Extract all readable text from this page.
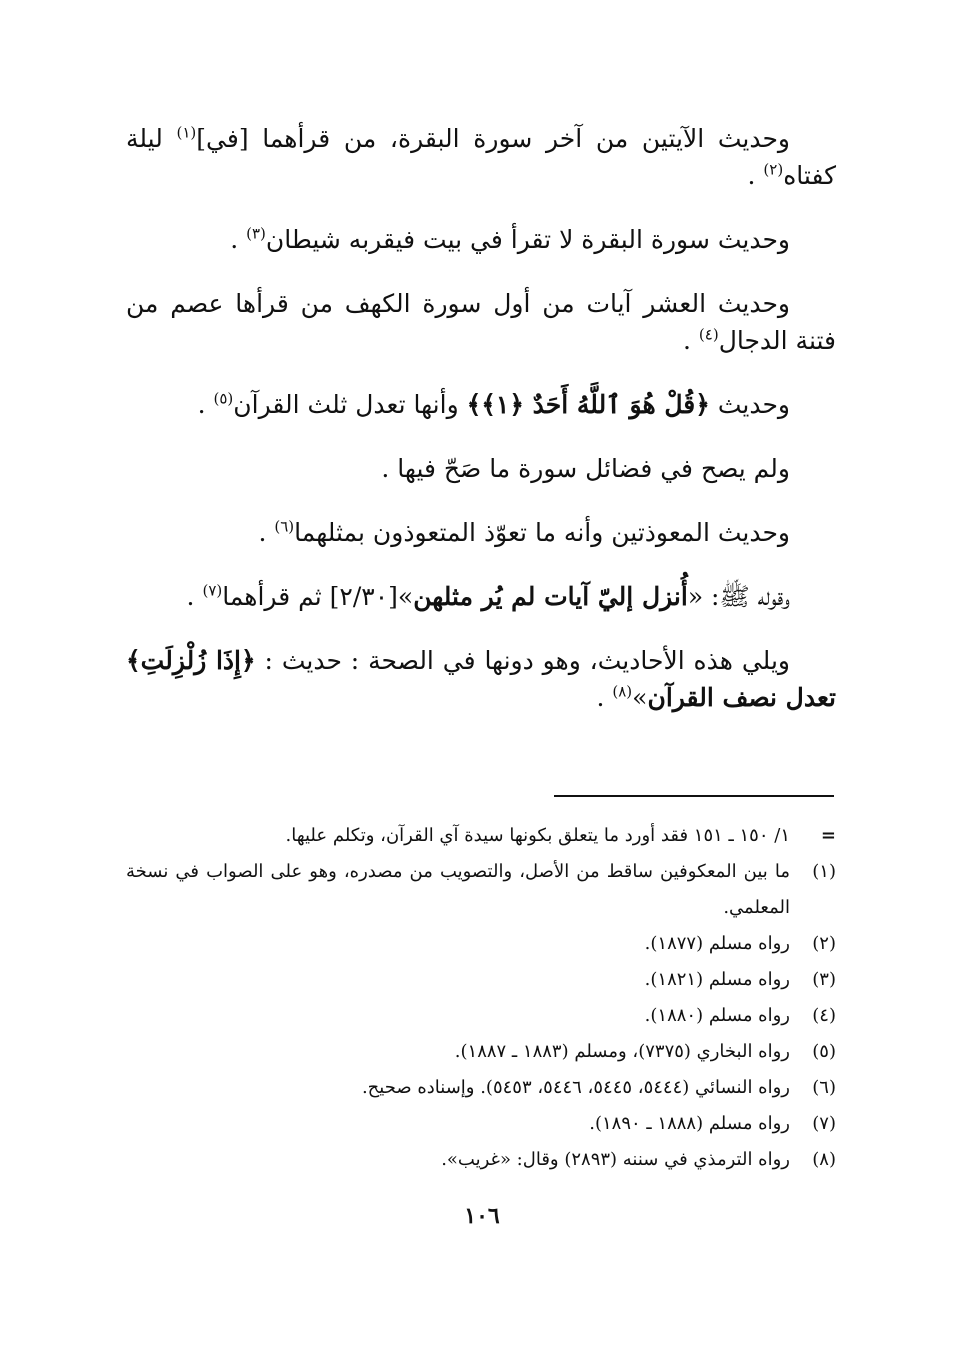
وحديث الآيتين من آخر سورة البقرة، من قرأهما [في]$^{(١)}$ ليلة كفتاه$^{(٢)}$ .

وحديث سورة البقرة لا تقرأ في بيت فيقربه شيطان$^{(٣)}$ .

وحديث العشر آيات من أول سورة الكهف من قرأها عصم من فتنة الدجال$^{(٤)}$ .

وحديث ﴿قُلْ هُوَ ٱللَّهُ أَحَدٌ ﴿١﴾﴾ وأنها تعدل ثلث القرآن$^{(٥)}$ .

ولم يصح في فضائل سورة ما صَحّ فيها .

وحديث المعوذتين وأنه ما تعوّذ المتعوذون بمثلهما$^{(٦)}$ .

وقوله ﷺ: «أُنزل إليّ آيات لم يُر مثلهن»[٢/٣٠] ثم قرأهما$^{(٧)}$ .

ويلي هذه الأحاديث، وهو دونها في الصحة : حديث : ﴿إِذَا زُلْزِلَتِ﴾ تعدل نصف القرآن»$^{(٨)}$ .

=
١/ ١٥٠ ـ ١٥١ فقد أورد ما يتعلق بكونها سيدة آي القرآن، وتكلم عليها.
(١)
ما بين المعكوفين ساقط من الأصل، والتصويب من مصدره، وهو على الصواب في نسخة المعلمي.
(٢)
رواه مسلم (١٨٧٧).
(٣)
رواه مسلم (١٨٢١).
(٤)
رواه مسلم (١٨٨٠).
(٥)
رواه البخاري (٧٣٧٥)، ومسلم (١٨٨٣ ـ ١٨٨٧).
(٦)
رواه النسائي (٥٤٤٤، ٥٤٤٥، ٥٤٤٦، ٥٤٥٣). وإسناده صحيح.
(٧)
رواه مسلم (١٨٨٨ ـ ١٨٩٠).
(٨)
رواه الترمذي في سننه (٢٨٩٣) وقال: «غريب».
١٠٦
